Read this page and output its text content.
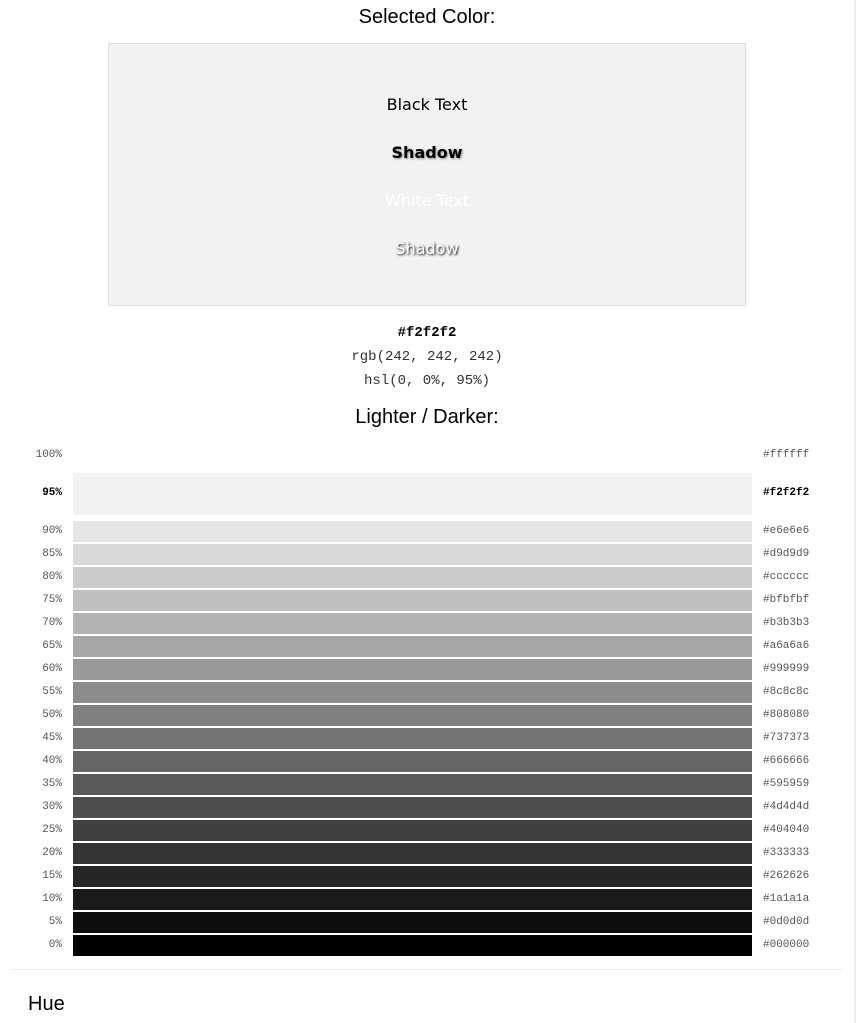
Selected Color:
Black Text
Shadow
White Text
Shadow
#f2f2f2
rgb(242, 242, 242)
hsl(0, 0%, 95%)
Lighter / Darker:
100%	#ffffff
95%	#f2f2f2
90%	#e6e6e6
85%	#d9d9d9
80%	#cccccc
75%	#bfbfbf
70%	#b3b3b3
65%	#a6a6a6
60%	#999999
55%	#8c8c8c
50%	#808080
45%	#737373
40%	#666666
35%	#595959
30%	#4d4d4d
25%	#404040
20%	#333333
15%	#262626
10%	#1a1a1a
5%	#0d0d0d
0%	#000000
Hue
